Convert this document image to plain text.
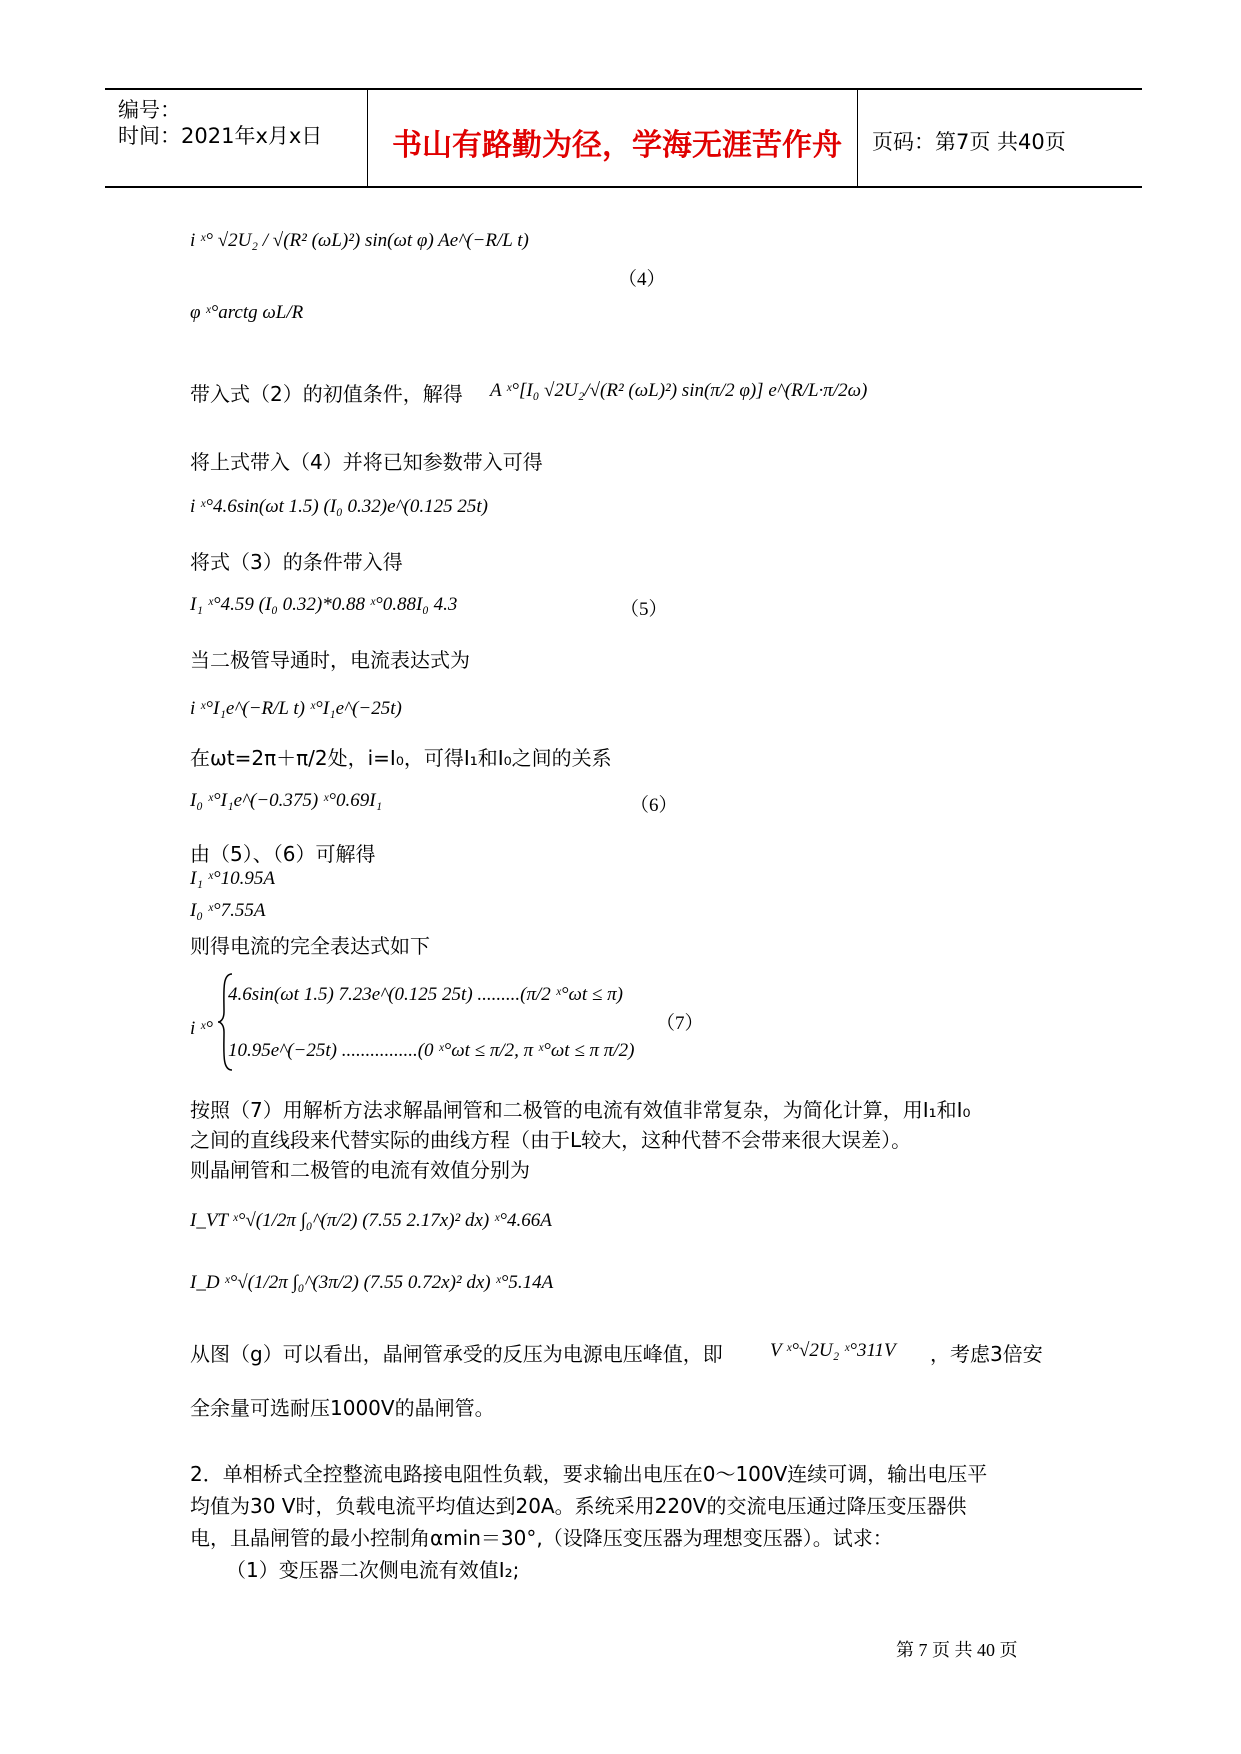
编号：
时间：2021年x月x日 书山有路勤为径，学海无涯苦作舟 页码：第7页 共40页
i ˣ° √2U₂ / √(R² (ωL)²) sin(ωt φ) Ae^(−R/L t)
（4）
φ ˣ°arctg ωL/R
带入式（2）的初值条件，解得 A ˣ°[I₀ √2U₂/√(R² (ωL)²) sin(π/2 φ)] e^(R/L·π/2ω)
将上式带入（4）并将已知参数带入可得
i ˣ°4.6sin(ωt 1.5) (I₀ 0.32)e^(0.125 25t)
将式（3）的条件带入得
I₁ ˣ°4.59 (I₀ 0.32)*0.88 ˣ°0.88I₀ 4.3	（5）
当二极管导通时，电流表达式为
i ˣ°I₁e^(−R/L t) ˣ°I₁e^(−25t)
在ωt=2π＋π/2处，i=I₀，可得I₁和I₀之间的关系
I₀ ˣ°I₁e^(−0.375) ˣ°0.69I₁	（6）
由（5）、（6）可解得
I₁ ˣ°10.95A
I₀ ˣ°7.55A
则得电流的完全表达式如下
i ˣ°
4.6sin(ωt 1.5) 7.23e^(0.125 25t) .........(π/2 ˣ°ωt ≤ π)
10.95e^(−25t) ................(0 ˣ°ωt ≤ π/2, π ˣ°ωt ≤ π π/2)
（7）
按照（7）用解析方法求解晶闸管和二极管的电流有效值非常复杂，为简化计算，用I₁和I₀
之间的直线段来代替实际的曲线方程（由于L较大，这种代替不会带来很大误差）。
则晶闸管和二极管的电流有效值分别为
I_VT ˣ°√(1/2π ∫₀^(π/2) (7.55 2.17x)² dx) ˣ°4.66A
I_D ˣ°√(1/2π ∫₀^(3π/2) (7.55 0.72x)² dx) ˣ°5.14A
从图（g）可以看出，晶闸管承受的反压为电源电压峰值，即 V ˣ°√2U₂ ˣ°311V ，考虑3倍安
全余量可选耐压1000V的晶闸管。
2．单相桥式全控整流电路接电阻性负载，要求输出电压在0～100V连续可调，输出电压平
均值为30 V时，负载电流平均值达到20A。系统采用220V的交流电压通过降压变压器供
电，且晶闸管的最小控制角αmin＝30°,（设降压变压器为理想变压器）。试求：
（1）变压器二次侧电流有效值I₂;
第 7 页 共 40 页
